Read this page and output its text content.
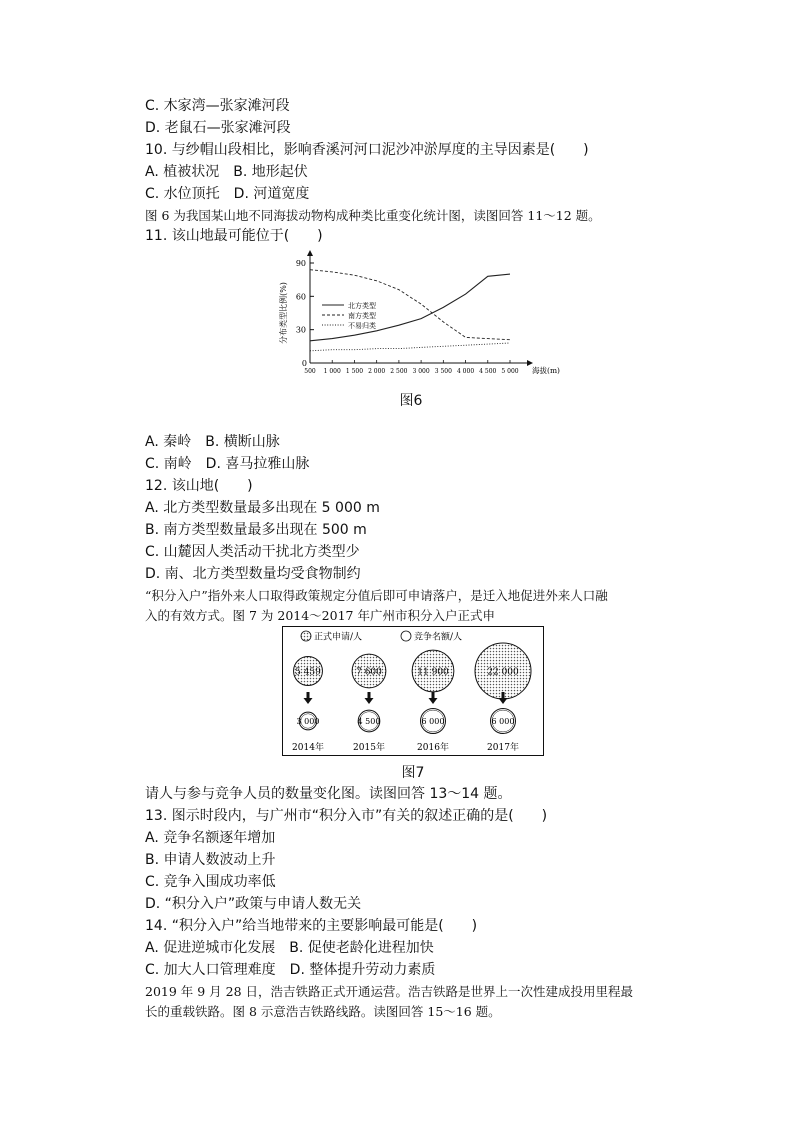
C. 木家湾—张家滩河段
D. 老鼠石—张家滩河段
10. 与纱帽山段相比，影响香溪河河口泥沙冲淤厚度的主导因素是(　　)
A. 植被状况　B. 地形起伏
C. 水位顶托　D. 河道宽度
图 6 为我国某山地不同海拔动物构成种类比重变化统计图，读图回答 11～12 题。
11. 该山地最可能位于(　　)
30
60
90
0
500 1 000 1 500 2 000 2 500 3 000 3 500 4 000 4 500 5 000 海拔(m)
分布类型比例(%)	北方类型
南方类型
不易归类
图6
A. 秦岭　B. 横断山脉
C. 南岭　D. 喜马拉雅山脉
12. 该山地(　　)
A. 北方类型数量最多出现在 5 000 m
B. 南方类型数量最多出现在 500 m
C. 山麓因人类活动干扰北方类型少
D. 南、北方类型数量均受食物制约
“积分入户”指外来人口取得政策规定分值后即可申请落户，是迁入地促进外来人口融
入的有效方式。图 7 为 2014～2017 年广州市积分入户正式申
正式申请/人	竞争名额/人
5 459
3 000
2014年
7 600
4 500
2015年
11 900
6 000
2016年
22 000
6 000
2017年
图7
请人与参与竞争人员的数量变化图。读图回答 13～14 题。
13. 图示时段内，与广州市“积分入市”有关的叙述正确的是(　　)
A. 竞争名额逐年增加
B. 申请人数波动上升
C. 竞争入围成功率低
D. “积分入户”政策与申请人数无关
14. “积分入户”给当地带来的主要影响最可能是(　　)
A. 促进逆城市化发展　B. 促使老龄化进程加快
C. 加大人口管理难度　D. 整体提升劳动力素质
2019 年 9 月 28 日，浩吉铁路正式开通运营。浩吉铁路是世界上一次性建成投用里程最
长的重载铁路。图 8 示意浩吉铁路线路。读图回答 15～16 题。
